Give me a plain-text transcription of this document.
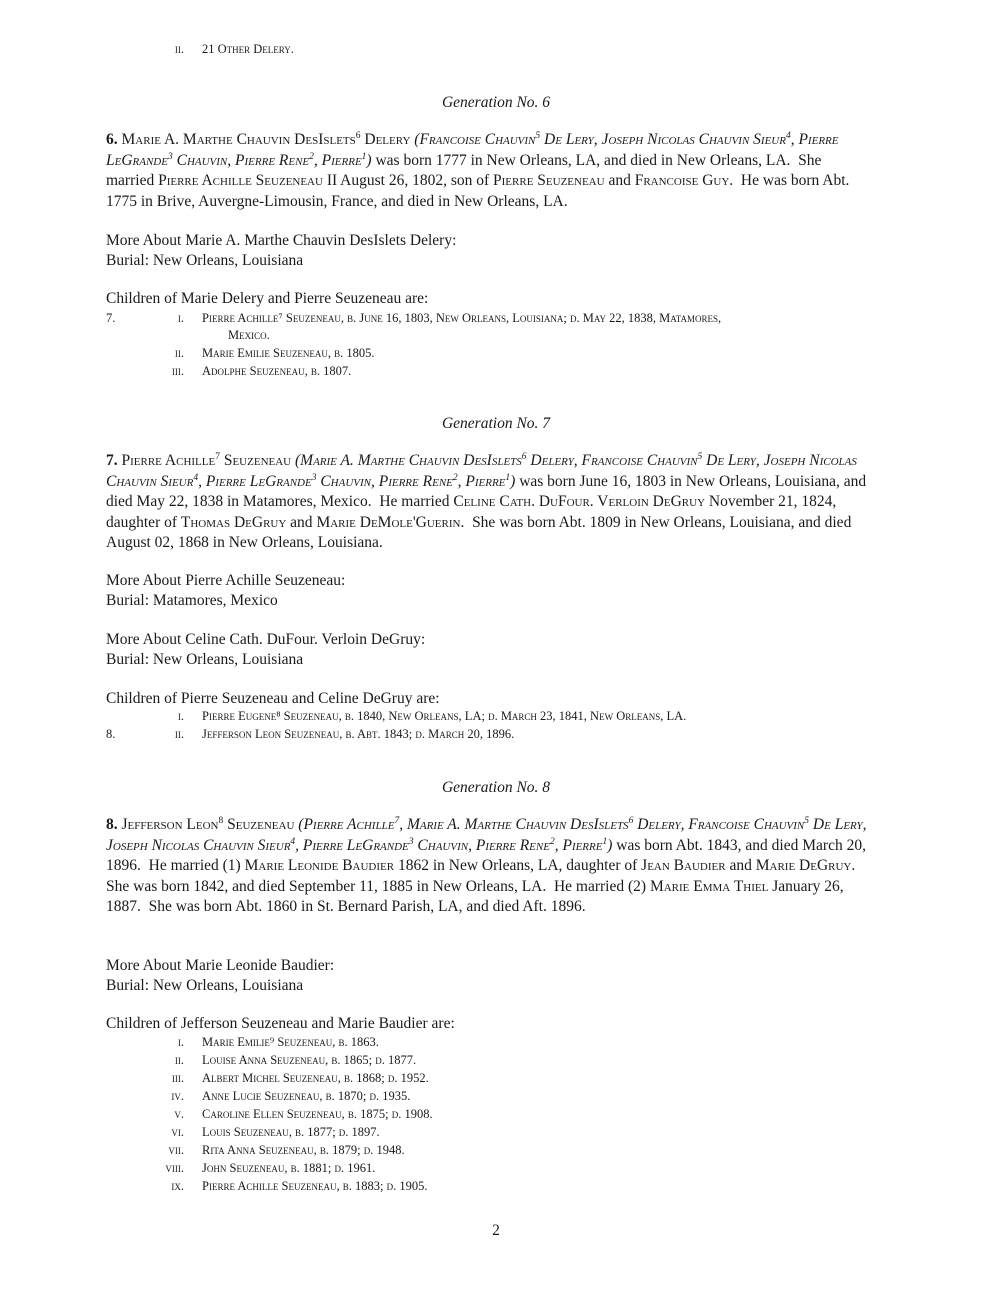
ii. 21 Other Delery.
Generation No. 6
6. Marie A. Marthe Chauvin DesIslets$^6$ Delery (Francoise Chauvin$^5$ De Lery, Joseph Nicolas Chauvin Sieur$^4$, Pierre LeGrande$^3$ Chauvin, Pierre Rene$^2$, Pierre$^1$) was born 1777 in New Orleans, LA, and died in New Orleans, LA.  She married Pierre Achille Seuzeneau II August 26, 1802, son of Pierre Seuzeneau and Francoise Guy.  He was born Abt. 1775 in Brive, Auvergne-Limousin, France, and died in New Orleans, LA.
More About Marie A. Marthe Chauvin DesIslets Delery:
Burial: New Orleans, Louisiana
Children of Marie Delery and Pierre Seuzeneau are:
7.	i. Pierre Achille⁷ Seuzeneau, b. June 16, 1803, New Orleans, Louisiana; d. May 22, 1838, Matamores,
Mexico.
ii. Marie Emilie Seuzeneau, b. 1805.
iii. Adolphe Seuzeneau, b. 1807.
Generation No. 7
7. Pierre Achille$^7$ Seuzeneau (Marie A. Marthe Chauvin DesIslets$^6$ Delery, Francoise Chauvin$^5$ De Lery, Joseph Nicolas Chauvin Sieur$^4$, Pierre LeGrande$^3$ Chauvin, Pierre Rene$^2$, Pierre$^1$) was born June 16, 1803 in New Orleans, Louisiana, and died May 22, 1838 in Matamores, Mexico.  He married Celine Cath. DuFour. Verloin DeGruy November 21, 1824, daughter of Thomas DeGruy and Marie DeMole'Guerin.  She was born Abt. 1809 in New Orleans, Louisiana, and died August 02, 1868 in New Orleans, Louisiana.
More About Pierre Achille Seuzeneau:
Burial: Matamores, Mexico
More About Celine Cath. DuFour. Verloin DeGruy:
Burial: New Orleans, Louisiana
Children of Pierre Seuzeneau and Celine DeGruy are:
i. Pierre Eugene⁸ Seuzeneau, b. 1840, New Orleans, LA; d. March 23, 1841, New Orleans, LA.
8.	ii. Jefferson Leon Seuzeneau, b. Abt. 1843; d. March 20, 1896.
Generation No. 8
8. Jefferson Leon$^8$ Seuzeneau (Pierre Achille$^7$, Marie A. Marthe Chauvin DesIslets$^6$ Delery, Francoise Chauvin$^5$ De Lery, Joseph Nicolas Chauvin Sieur$^4$, Pierre LeGrande$^3$ Chauvin, Pierre Rene$^2$, Pierre$^1$) was born Abt. 1843, and died March 20, 1896.  He married (1) Marie Leonide Baudier 1862 in New Orleans, LA, daughter of Jean Baudier and Marie DeGruy.  She was born 1842, and died September 11, 1885 in New Orleans, LA.  He married (2) Marie Emma Thiel January 26, 1887.  She was born Abt. 1860 in St. Bernard Parish, LA, and died Aft. 1896.
More About Marie Leonide Baudier:
Burial: New Orleans, Louisiana
Children of Jefferson Seuzeneau and Marie Baudier are:
i. Marie Emilie⁹ Seuzeneau, b. 1863.
ii. Louise Anna Seuzeneau, b. 1865; d. 1877.
iii. Albert Michel Seuzeneau, b. 1868; d. 1952.
iv. Anne Lucie Seuzeneau, b. 1870; d. 1935.
v. Caroline Ellen Seuzeneau, b. 1875; d. 1908.
vi. Louis Seuzeneau, b. 1877; d. 1897.
vii. Rita Anna Seuzeneau, b. 1879; d. 1948.
viii. John Seuzeneau, b. 1881; d. 1961.
ix. Pierre Achille Seuzeneau, b. 1883; d. 1905.
2
